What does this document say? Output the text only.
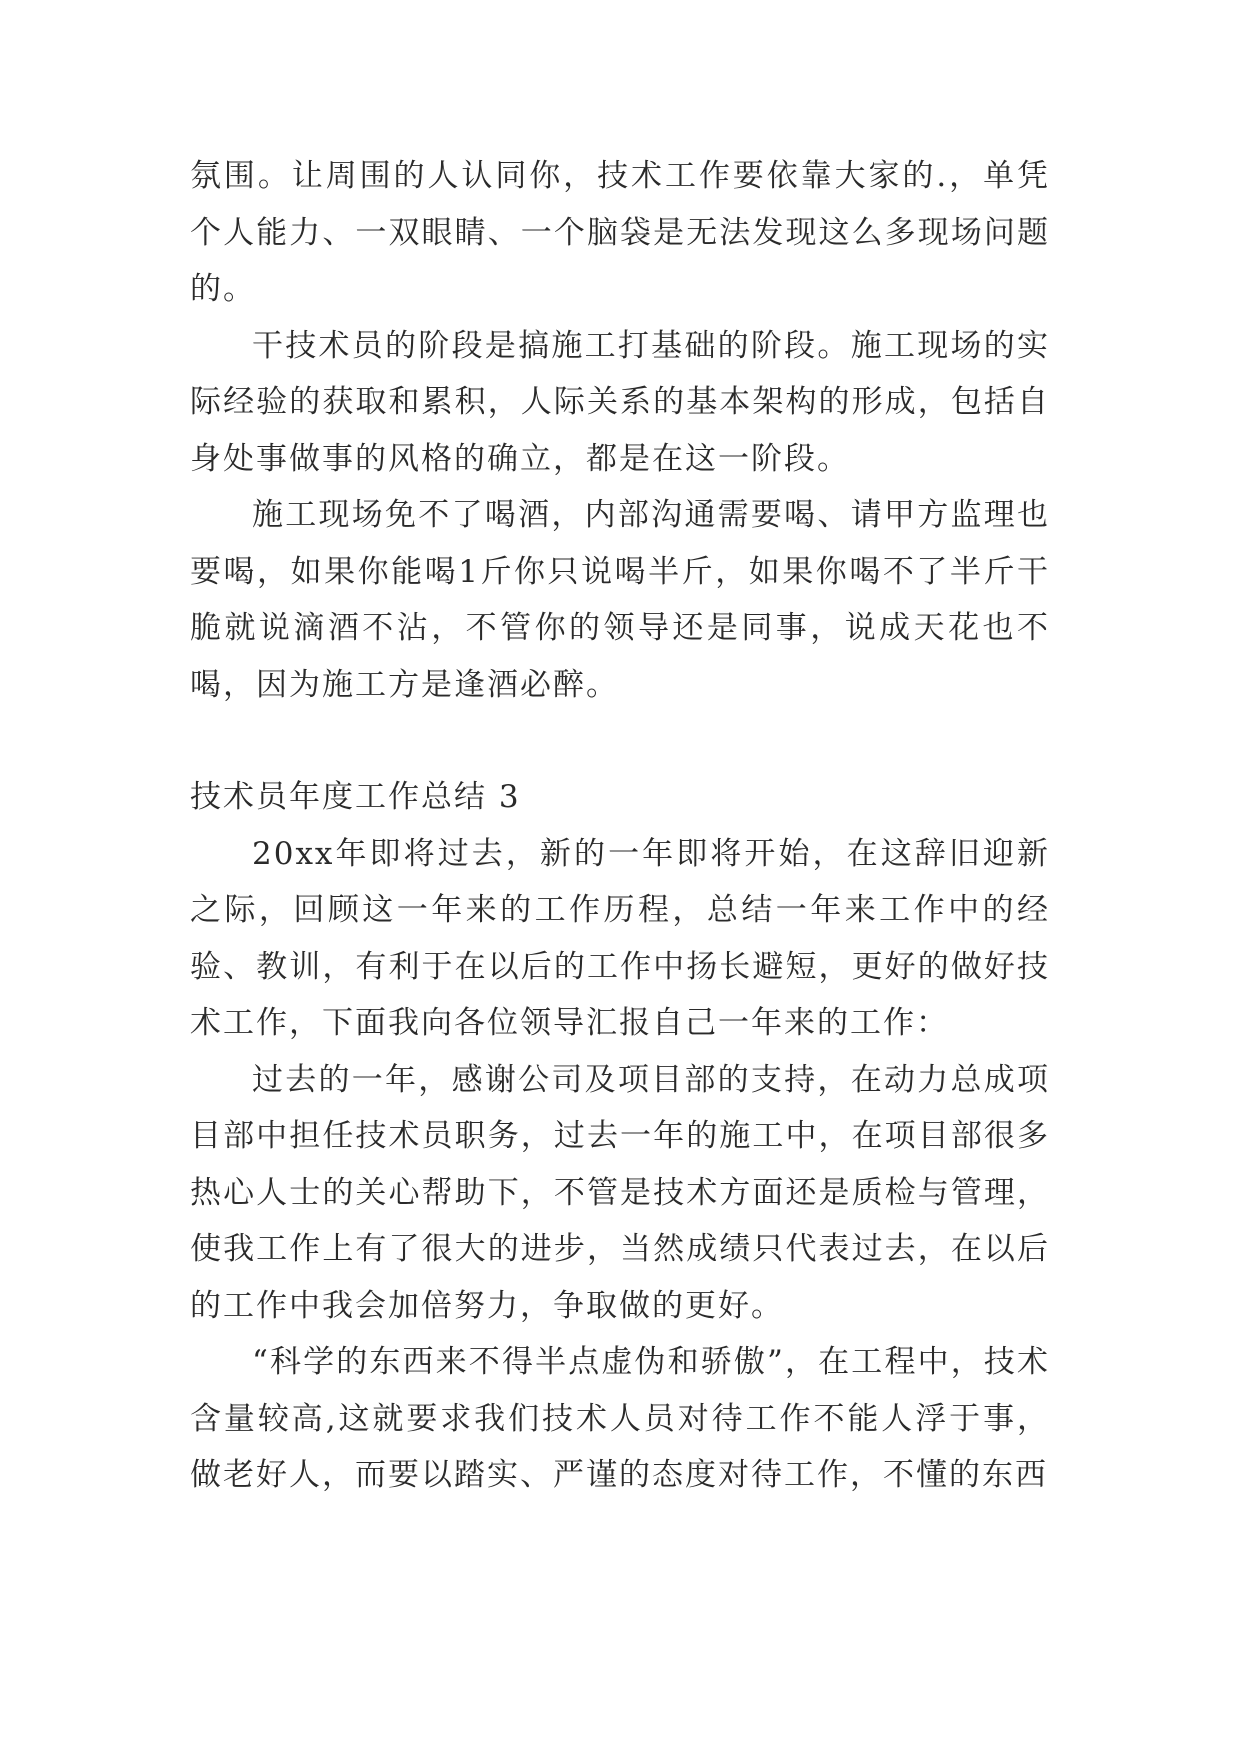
氛围。让周围的人认同你，技术工作要依靠大家的.，单凭个人能力、一双眼睛、一个脑袋是无法发现这么多现场问题的。

干技术员的阶段是搞施工打基础的阶段。施工现场的实际经验的获取和累积，人际关系的基本架构的形成，包括自身处事做事的风格的确立，都是在这一阶段。

施工现场免不了喝酒，内部沟通需要喝、请甲方监理也要喝，如果你能喝1斤你只说喝半斤，如果你喝不了半斤干脆就说滴酒不沾，不管你的领导还是同事，说成天花也不喝，因为施工方是逢酒必醉。

技术员年度工作总结 3

20xx年即将过去，新的一年即将开始，在这辞旧迎新之际，回顾这一年来的工作历程，总结一年来工作中的经验、教训，有利于在以后的工作中扬长避短，更好的做好技术工作，下面我向各位领导汇报自己一年来的工作：

过去的一年，感谢公司及项目部的支持，在动力总成项目部中担任技术员职务，过去一年的施工中，在项目部很多热心人士的关心帮助下，不管是技术方面还是质检与管理，使我工作上有了很大的进步，当然成绩只代表过去，在以后的工作中我会加倍努力，争取做的更好。

“科学的东西来不得半点虚伪和骄傲”，在工程中，技术含量较高,这就要求我们技术人员对待工作不能人浮于事，做老好人，而要以踏实、严谨的态度对待工作，不懂的东西
